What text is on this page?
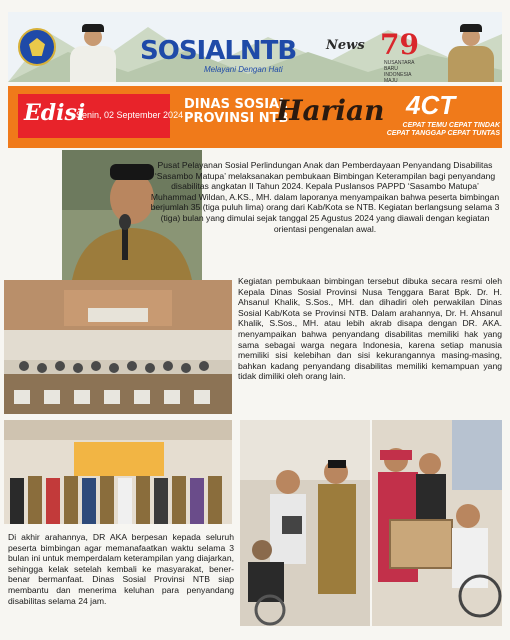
SOSIALNTB
Melayani Dengan Hati
News 79
NUSANTARA BARU INDONESIA MAJU
Edisi
Senin, 02 September 2024
DINAS SOSIAL
PROVINSI NTB
Harian 4CT
CEPAT TEMU CEPAT TINDAK
CEPAT TANGGAP CEPAT TUNTAS
Pusat Pelayanan Sosial Perlindungan Anak dan Pemberdayaan Penyandang Disabilitas ‘Sasambo Matupa’ melaksanakan pembukaan Bimbingan Keterampilan bagi penyandang disabilitas angkatan II Tahun 2024. Kepala Puslansos PAPPD ‘Sasambo Matupa’ Muhammad Wildan, A.KS., MH. dalam laporanya menyampaikan bahwa peserta bimbingan berjumlah 35 (tiga puluh lima) orang dari Kab/Kota se NTB. Kegiatan berlangsung selama 3 (tiga) bulan yang dimulai sejak tanggal 25 Agustus 2024 yang diawali dengan kegiatan orientasi pengenalan awal.
Kegiatan pembukaan bimbingan tersebut dibuka secara resmi oleh Kepala Dinas Sosial Provinsi Nusa Tenggara Barat Bpk. Dr. H. Ahsanul Khalik, S.Sos., MH. dan dihadiri oleh perwakilan Dinas Sosial Kab/Kota se Provinsi NTB. Dalam arahannya, Dr. H. Ahsanul Khalik, S.Sos., MH. atau lebih akrab disapa dengan DR. AKA. menyampaikan bahwa penyandang disabilitas memiliki hak yang sama sebagai warga negara Indonesia, karena setiap manusia memiliki sisi kelebihan dan sisi kekurangannya masing-masing, bahkan kadang penyandang disabilitas memiliki kemampuan yang tidak dimiliki oleh orang lain.
Di akhir arahannya, DR AKA berpesan kepada seluruh peserta bimbingan agar memanafaatkan waktu selama 3 bulan ini untuk memperdalam keterampilan yang diajarkan, sehingga kelak setelah kembali ke masyarakat, bener-benar bermanfaat. Dinas Sosial Provinsi NTB siap membantu dan menerima keluhan para penyandang disabilitas selama 24 jam.
